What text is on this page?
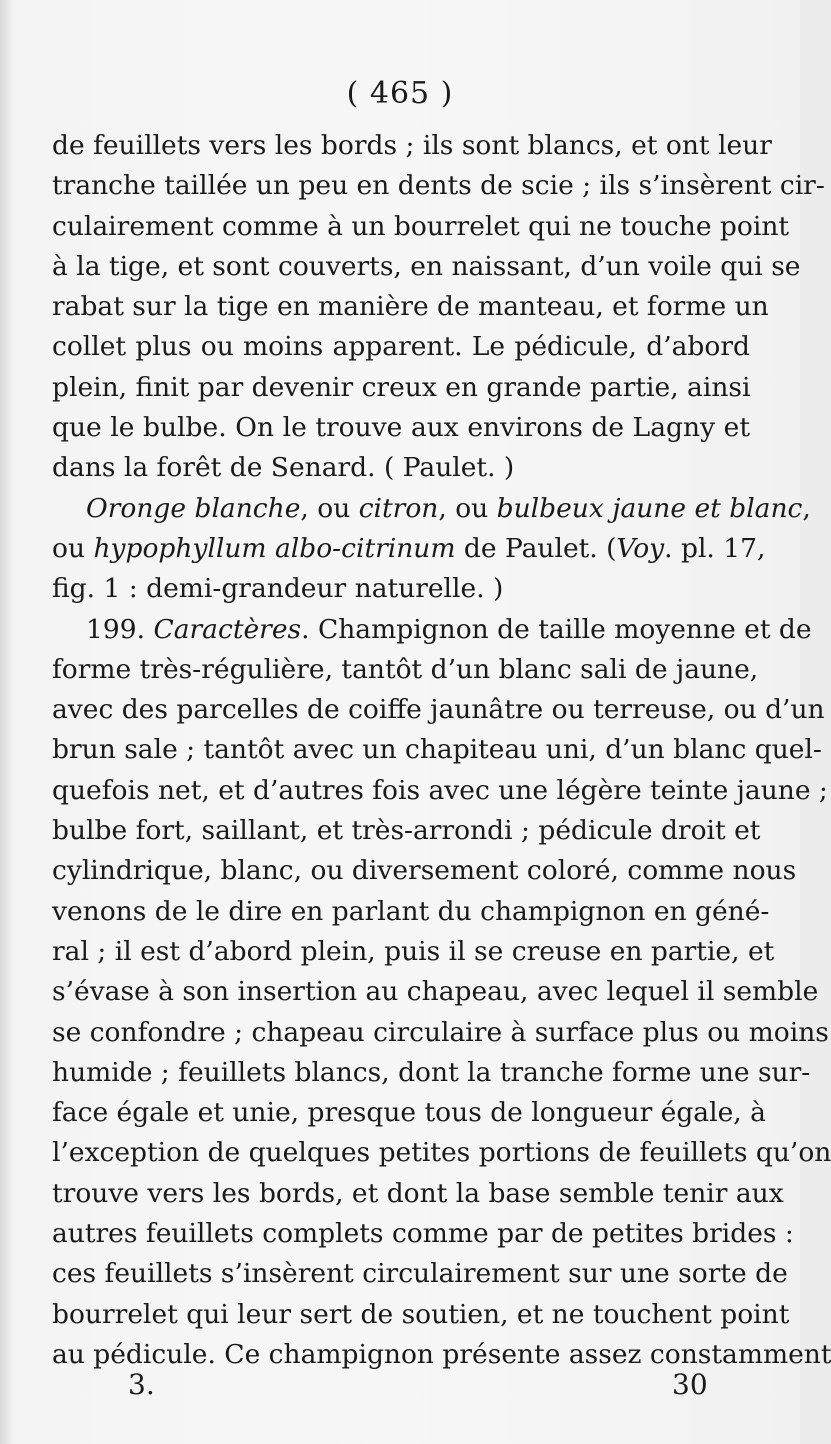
( 465 )
de feuillets vers les bords ; ils sont blancs, et ont leur
tranche taillée un peu en dents de scie ; ils s’insèrent cir-
culairement comme à un bourrelet qui ne touche point
à la tige, et sont couverts, en naissant, d’un voile qui se
rabat sur la tige en manière de manteau, et forme un
collet plus ou moins apparent. Le pédicule, d’abord
plein, finit par devenir creux en grande partie, ainsi
que le bulbe. On le trouve aux environs de Lagny et
dans la forêt de Senard. ( Paulet. )
Oronge blanche, ou citron, ou bulbeux jaune et blanc,
ou hypophyllum albo-citrinum de Paulet. (Voy. pl. 17,
fig. 1 : demi-grandeur naturelle. )
199. Caractères. Champignon de taille moyenne et de
forme très-régulière, tantôt d’un blanc sali de jaune,
avec des parcelles de coiffe jaunâtre ou terreuse, ou d’un
brun sale ; tantôt avec un chapiteau uni, d’un blanc quel-
quefois net, et d’autres fois avec une légère teinte jaune ;
bulbe fort, saillant, et très-arrondi ; pédicule droit et
cylindrique, blanc, ou diversement coloré, comme nous
venons de le dire en parlant du champignon en géné-
ral ; il est d’abord plein, puis il se creuse en partie, et
s’évase à son insertion au chapeau, avec lequel il semble
se confondre ; chapeau circulaire à surface plus ou moins
humide ; feuillets blancs, dont la tranche forme une sur-
face égale et unie, presque tous de longueur égale, à
l’exception de quelques petites portions de feuillets qu’on
trouve vers les bords, et dont la base semble tenir aux
autres feuillets complets comme par de petites brides :
ces feuillets s’insèrent circulairement sur une sorte de
bourrelet qui leur sert de soutien, et ne touchent point
au pédicule. Ce champignon présente assez constamment
3.	30
